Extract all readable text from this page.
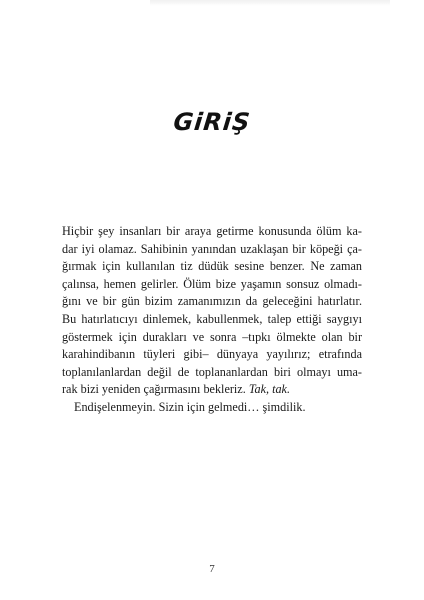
GiRiŞ
Hiçbir şey insanları bir araya getirme konusunda ölüm ka-
dar iyi olamaz. Sahibinin yanından uzaklaşan bir köpeği ça-
ğırmak için kullanılan tiz düdük sesine benzer. Ne zaman
çalınsa, hemen gelirler. Ölüm bize yaşamın sonsuz olmadı-
ğını ve bir gün bizim zamanımızın da geleceğini hatırlatır.
Bu hatırlatıcıyı dinlemek, kabullenmek, talep ettiği saygıyı
göstermek için durakları ve sonra –tıpkı ölmekte olan bir
karahindibanın tüyleri gibi– dünyaya yayılırız; etrafında
toplanılanlardan değil de toplananlardan biri olmayı uma-
rak bizi yeniden çağırmasını bekleriz. Tak, tak.
Endişelenmeyin. Sizin için gelmedi… şimdilik.
7
